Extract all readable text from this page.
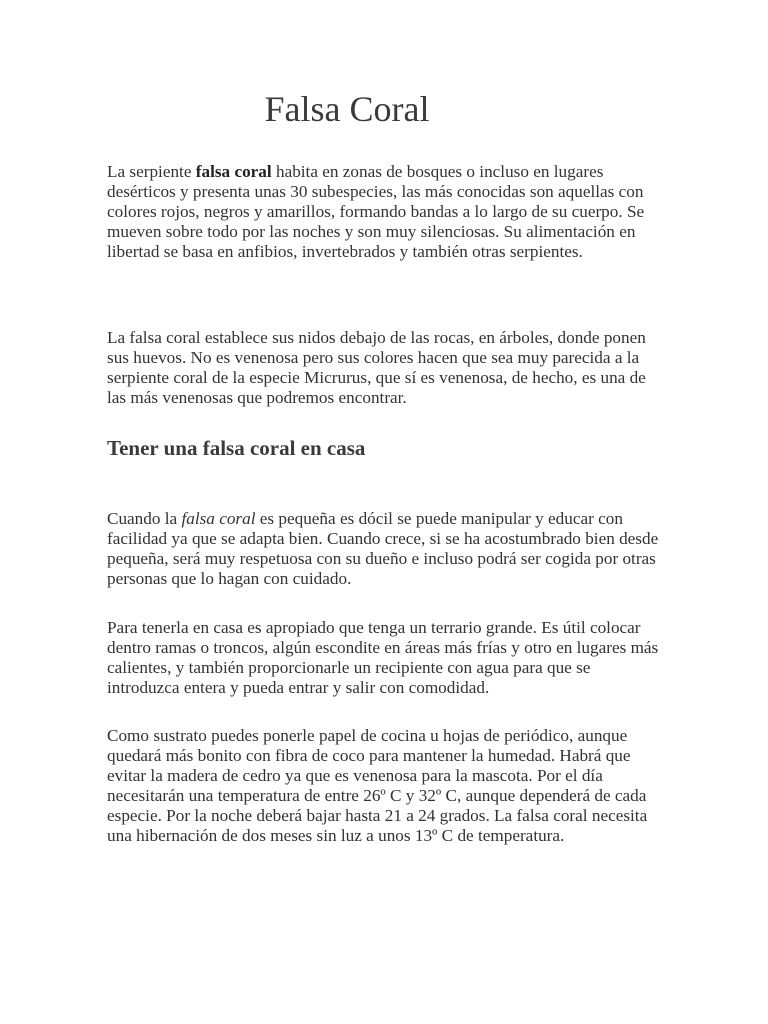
Falsa Coral

La serpiente falsa coral habita en zonas de bosques o incluso en lugares desérticos y presenta unas 30 subespecies, las más conocidas son aquellas con colores rojos, negros y amarillos, formando bandas a lo largo de su cuerpo. Se mueven sobre todo por las noches y son muy silenciosas. Su alimentación en libertad se basa en anfibios, invertebrados y también otras serpientes.

La falsa coral establece sus nidos debajo de las rocas, en árboles, donde ponen sus huevos. No es venenosa pero sus colores hacen que sea muy parecida a la serpiente coral de la especie Micrurus, que sí es venenosa, de hecho, es una de las más venenosas que podremos encontrar.

Tener una falsa coral en casa

Cuando la falsa coral es pequeña es dócil se puede manipular y educar con facilidad ya que se adapta bien. Cuando crece, si se ha acostumbrado bien desde pequeña, será muy respetuosa con su dueño e incluso podrá ser cogida por otras personas que lo hagan con cuidado.

Para tenerla en casa es apropiado que tenga un terrario grande. Es útil colocar dentro ramas o troncos, algún escondite en áreas más frías y otro en lugares más calientes, y también proporcionarle un recipiente con agua para que se introduzca entera y pueda entrar y salir con comodidad.

Como sustrato puedes ponerle papel de cocina u hojas de periódico, aunque quedará más bonito con fibra de coco para mantener la humedad. Habrá que evitar la madera de cedro ya que es venenosa para la mascota. Por el día necesitarán una temperatura de entre 26º C y 32º C, aunque dependerá de cada especie. Por la noche deberá bajar hasta 21 a 24 grados. La falsa coral necesita una hibernación de dos meses sin luz a unos 13º C de temperatura.
